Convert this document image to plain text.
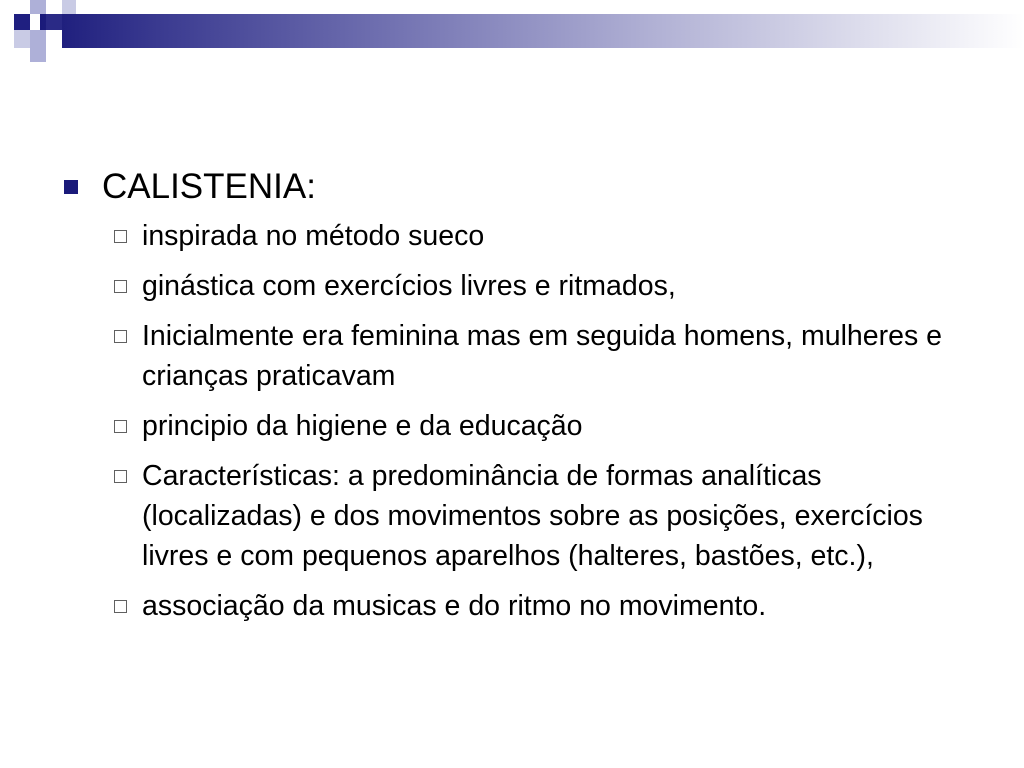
CALISTENIA:
inspirada no método sueco
ginástica com exercícios livres e ritmados,
Inicialmente era feminina mas em seguida homens, mulheres e crianças praticavam
principio da higiene e da educação
Características: a predominância de formas analíticas (localizadas) e dos movimentos sobre as posições, exercícios livres e com pequenos aparelhos (halteres, bastões, etc.),
associação da musicas e do ritmo no movimento.
